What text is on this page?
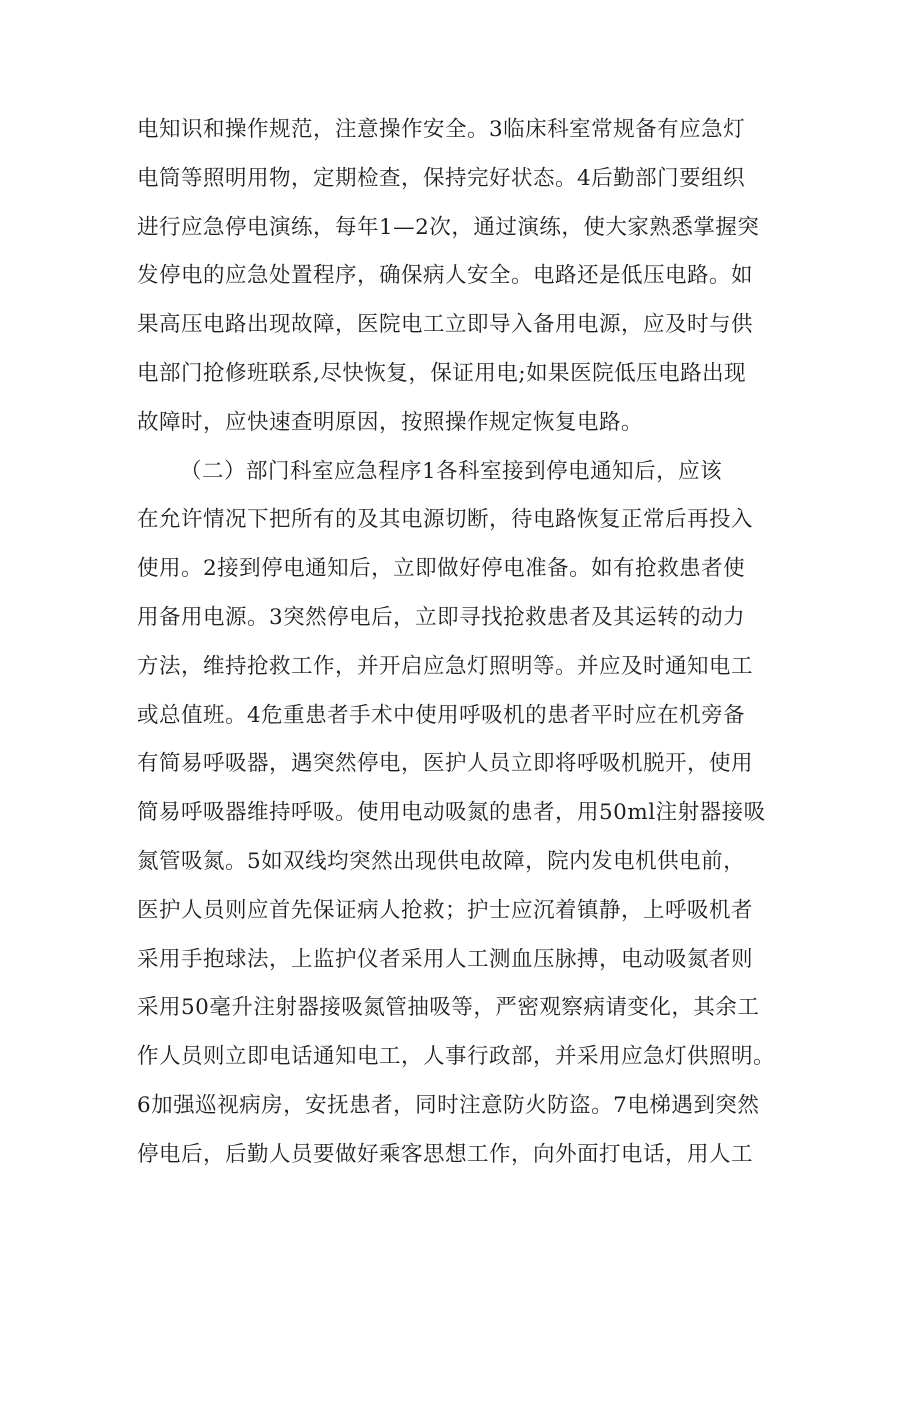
电知识和操作规范，注意操作安全。3临床科室常规备有应急灯
电筒等照明用物，定期检查，保持完好状态。4后勤部门要组织
进行应急停电演练，每年1—2次，通过演练，使大家熟悉掌握突
发停电的应急处置程序，确保病人安全。电路还是低压电路。如
果高压电路出现故障，医院电工立即导入备用电源，应及时与供
电部门抢修班联系,尽快恢复，保证用电;如果医院低压电路出现
故障时，应快速查明原因，按照操作规定恢复电路。
（二）部门科室应急程序1各科室接到停电通知后，应该
在允许情况下把所有的及其电源切断，待电路恢复正常后再投入
使用。2接到停电通知后，立即做好停电准备。如有抢救患者使
用备用电源。3突然停电后，立即寻找抢救患者及其运转的动力
方法，维持抢救工作，并开启应急灯照明等。并应及时通知电工
或总值班。4危重患者手术中使用呼吸机的患者平时应在机旁备
有简易呼吸器，遇突然停电，医护人员立即将呼吸机脱开，使用
简易呼吸器维持呼吸。使用电动吸氮的患者，用50ml注射器接吸
氮管吸氮。5如双线均突然出现供电故障，院内发电机供电前，
医护人员则应首先保证病人抢救；护士应沉着镇静，上呼吸机者
采用手抱球法，上监护仪者采用人工测血压脉搏，电动吸氮者则
采用50毫升注射器接吸氮管抽吸等，严密观察病请变化，其余工
作人员则立即电话通知电工，人事行政部，并采用应急灯供照明。
6加强巡视病房，安抚患者，同时注意防火防盗。7电梯遇到突然
停电后，后勤人员要做好乘客思想工作，向外面打电话，用人工
